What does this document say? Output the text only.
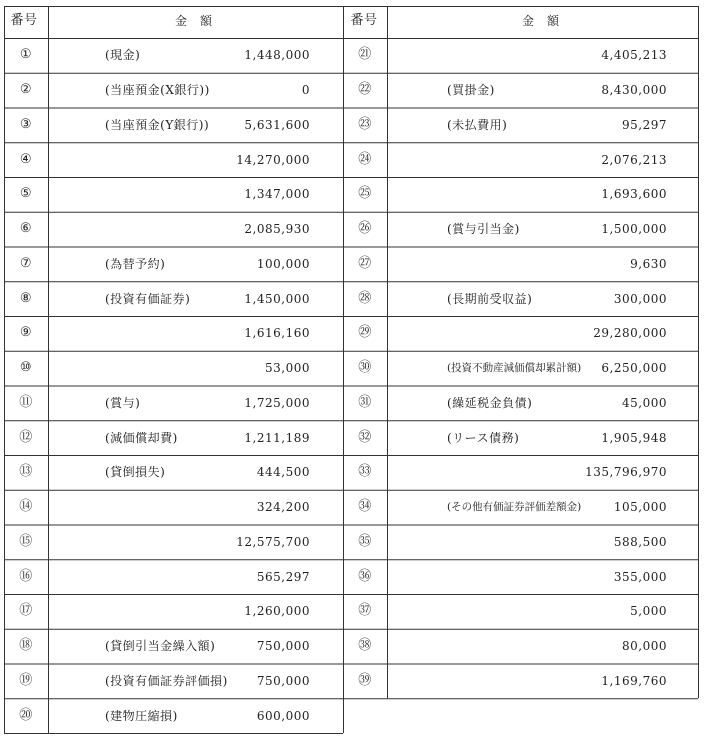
番号	金　額	番号	金　額
①	(現金)	1,448,000
②	(当座預金(X銀行))	0
③	(当座預金(Y銀行))	5,631,600
④	14,270,000
⑤	1,347,000
⑥	2,085,930
⑦	(為替予約)	100,000
⑧	(投資有価証券)	1,450,000
⑨	1,616,160
⑩	53,000
⑪	(賞与)	1,725,000
⑫	(減価償却費)	1,211,189
⑬	(貸倒損失)	444,500
⑭	324,200
⑮	12,575,700
⑯	565,297
⑰	1,260,000
⑱	(貸倒引当金繰入額)	750,000
⑲	(投資有価証券評価損) 750,000
⑳	(建物圧縮損)	600,000
㉑	4,405,213
㉒	(買掛金)	8,430,000
㉓	(未払費用)	95,297
㉔	2,076,213
㉕	1,693,600
㉖	(賞与引当金)	1,500,000
㉗	9,630
㉘	(長期前受収益)	300,000
㉙	29,280,000
㉚	(投資不動産減価償却累計額) 6,250,000
㉛	(繰延税金負債)	45,000
㉜	(リース債務)	1,905,948
㉝	135,796,970
㉞	(その他有価証券評価差額金)	105,000
㉟	588,500
㊱	355,000
㊲	5,000
㊳	80,000
㊴	1,169,760
